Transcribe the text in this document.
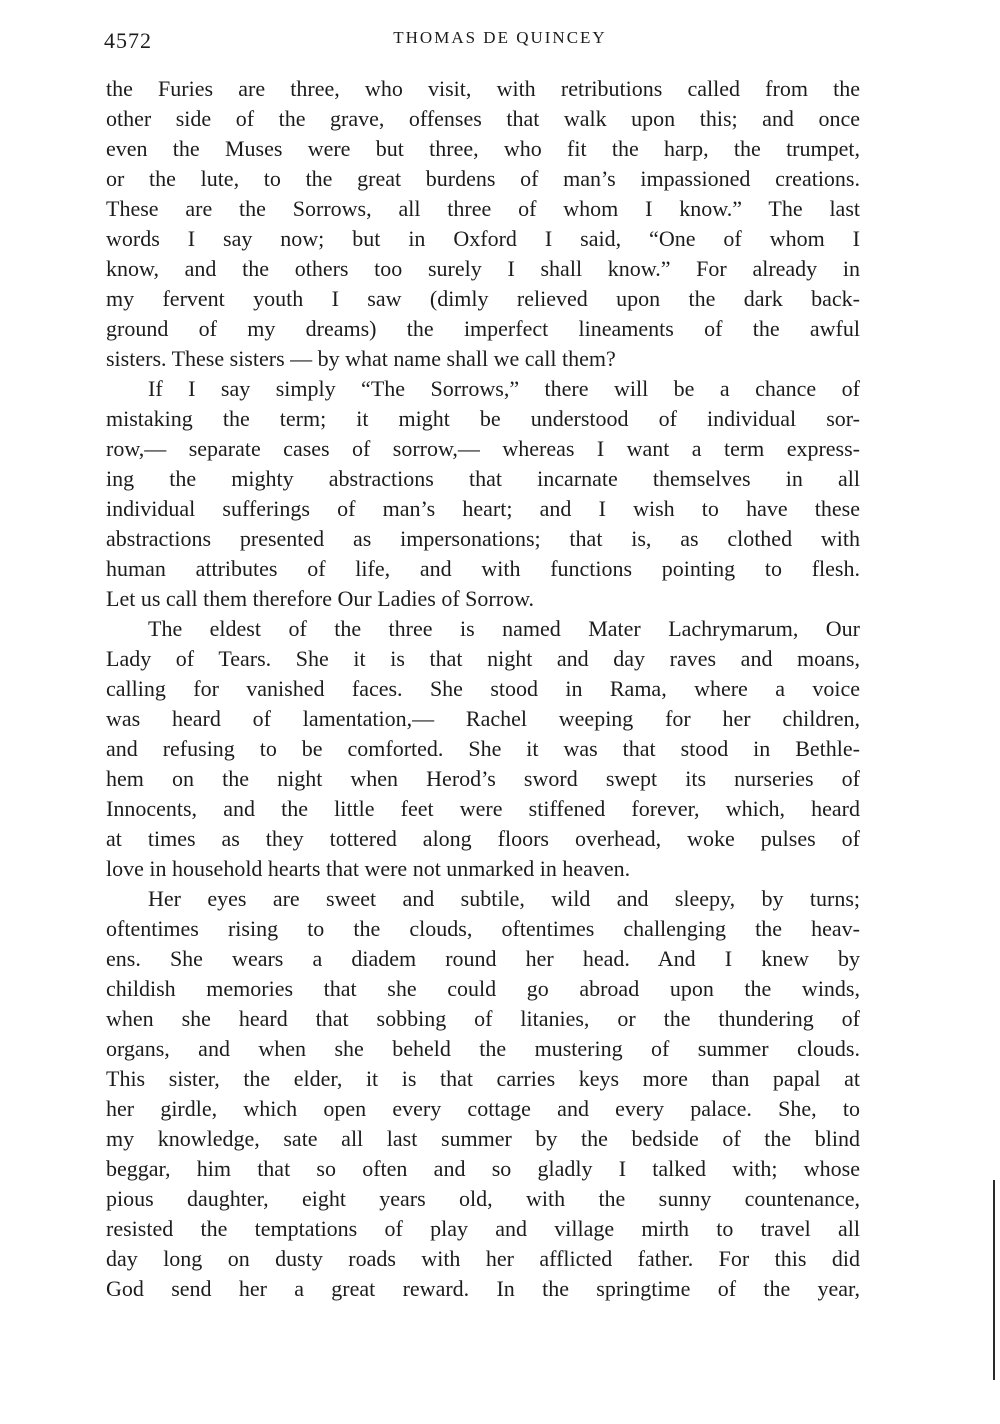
4572	THOMAS DE QUINCEY
the Furies are three, who visit, with retributions called from the
other side of the grave, offenses that walk upon this; and once
even the Muses were but three, who fit the harp, the trumpet,
or the lute, to the great burdens of man’s impassioned creations.
These are the Sorrows, all three of whom I know.” The last
words I say now; but in Oxford I said, “One of whom I
know, and the others too surely I shall know.” For already in
my fervent youth I saw (dimly relieved upon the dark back-
ground of my dreams) the imperfect lineaments of the awful
sisters. These sisters — by what name shall we call them?
If I say simply “The Sorrows,” there will be a chance of
mistaking the term; it might be understood of individual sor-
row,— separate cases of sorrow,— whereas I want a term express-
ing the mighty abstractions that incarnate themselves in all
individual sufferings of man’s heart; and I wish to have these
abstractions presented as impersonations; that is, as clothed with
human attributes of life, and with functions pointing to flesh.
Let us call them therefore Our Ladies of Sorrow.
The eldest of the three is named Mater Lachrymarum, Our
Lady of Tears. She it is that night and day raves and moans,
calling for vanished faces. She stood in Rama, where a voice
was heard of lamentation,— Rachel weeping for her children,
and refusing to be comforted. She it was that stood in Bethle-
hem on the night when Herod’s sword swept its nurseries of
Innocents, and the little feet were stiffened forever, which, heard
at times as they tottered along floors overhead, woke pulses of
love in household hearts that were not unmarked in heaven.
Her eyes are sweet and subtile, wild and sleepy, by turns;
oftentimes rising to the clouds, oftentimes challenging the heav-
ens. She wears a diadem round her head. And I knew by
childish memories that she could go abroad upon the winds,
when she heard that sobbing of litanies, or the thundering of
organs, and when she beheld the mustering of summer clouds.
This sister, the elder, it is that carries keys more than papal at
her girdle, which open every cottage and every palace. She, to
my knowledge, sate all last summer by the bedside of the blind
beggar, him that so often and so gladly I talked with; whose
pious daughter, eight years old, with the sunny countenance,
resisted the temptations of play and village mirth to travel all
day long on dusty roads with her afflicted father. For this did
God send her a great reward. In the springtime of the year,
